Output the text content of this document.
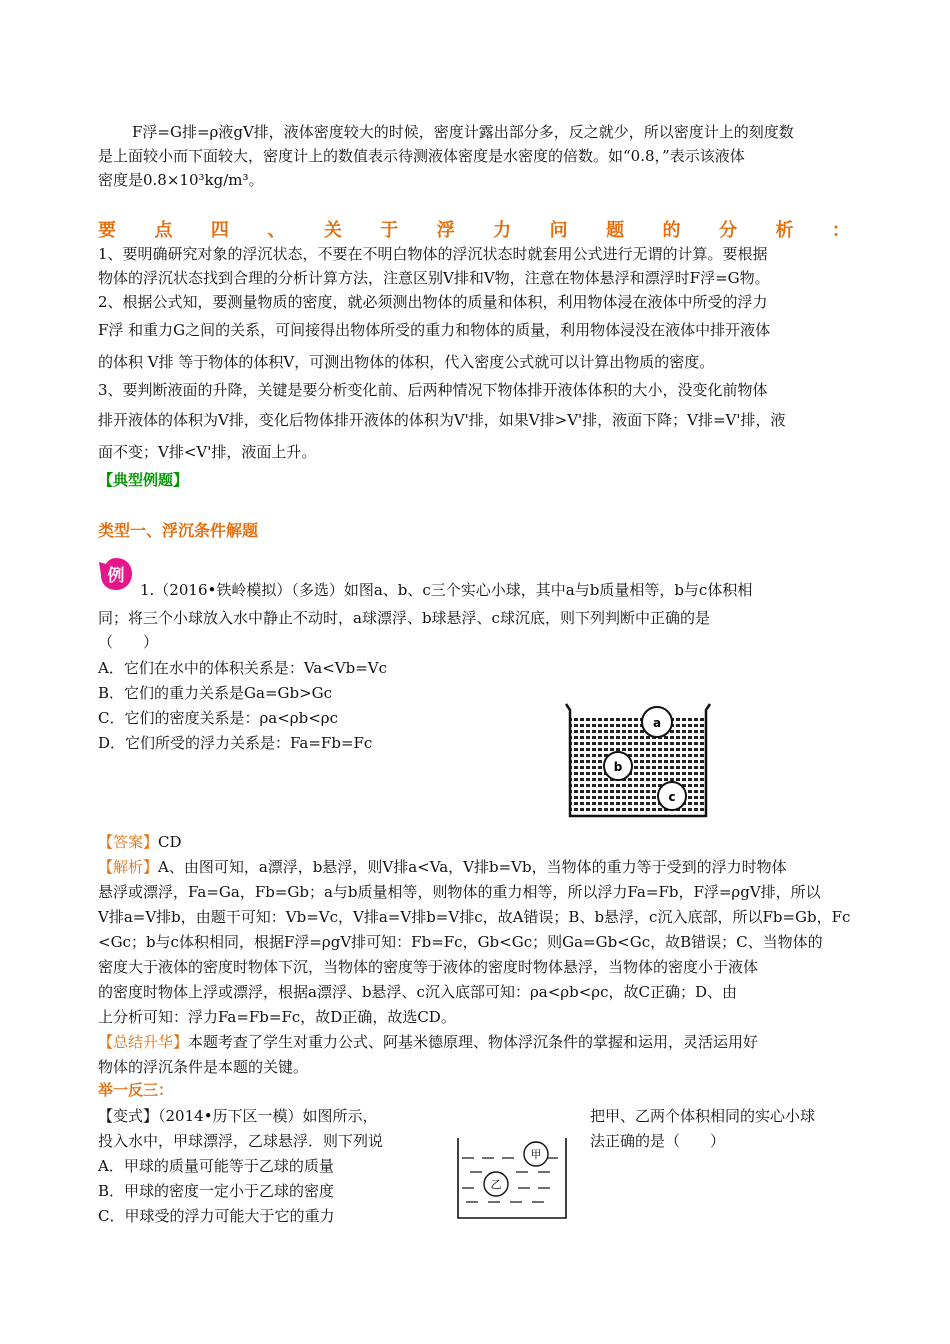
F浮=G排=ρ液gV排，液体密度较大的时候，密度计露出部分多，反之就少，所以密度计上的刻度数
是上面较小而下面较大，密度计上的数值表示待测液体密度是水密度的倍数。如“0.8，”表示该液体
密度是0.8×10³kg/m³。
要 点 四 、 关 于 浮 力 问 题 的 分 析 ：
1、要明确研究对象的浮沉状态，不要在不明白物体的浮沉状态时就套用公式进行无谓的计算。要根据
物体的浮沉状态找到合理的分析计算方法，注意区别V排和V物，注意在物体悬浮和漂浮时F浮=G物。
2、根据公式知，要测量物质的密度，就必须测出物体的质量和体积，利用物体浸在液体中所受的浮力
F浮 和重力G之间的关系，可间接得出物体所受的重力和物体的质量，利用物体浸没在液体中排开液体
的体积 V排 等于物体的体积V，可测出物体的体积，代入密度公式就可以计算出物质的密度。
3、要判断液面的升降，关键是要分析变化前、后两种情况下物体排开液体体积的大小，没变化前物体
排开液体的体积为V排，变化后物体排开液体的体积为V'排，如果V排>V'排，液面下降；V排=V'排，液
面不变；V排<V'排，液面上升。
【典型例题】
类型一、浮沉条件解题
例
1.（2016•铁岭模拟）（多选）如图a、b、c三个实心小球，其中a与b质量相等，b与c体积相
同；将三个小球放入水中静止不动时，a球漂浮、b球悬浮、c球沉底，则下列判断中正确的是
（　　）
A．它们在水中的体积关系是：Va<Vb=Vc
B．它们的重力关系是Ga=Gb>Gc
C．它们的密度关系是：ρa<ρb<ρc
D．它们所受的浮力关系是：Fa=Fb=Fc
a
b
c
【答案】CD
【解析】A、由图可知，a漂浮，b悬浮，则V排a<Va，V排b=Vb，当物体的重力等于受到的浮力时物体
悬浮或漂浮，Fa=Ga，Fb=Gb；a与b质量相等，则物体的重力相等，所以浮力Fa=Fb，F浮=ρgV排，所以
V排a=V排b，由题干可知：Vb=Vc，V排a=V排b=V排c，故A错误；B、b悬浮，c沉入底部，所以Fb=Gb，Fc
<Gc；b与c体积相同，根据F浮=ρgV排可知：Fb=Fc，Gb<Gc；则Ga=Gb<Gc，故B错误；C、当物体的
密度大于液体的密度时物体下沉，当物体的密度等于液体的密度时物体悬浮，当物体的密度小于液体
的密度时物体上浮或漂浮，根据a漂浮、b悬浮、c沉入底部可知：ρa<ρb<ρc，故C正确；D、由
上分析可知：浮力Fa=Fb=Fc，故D正确，故选CD。
【总结升华】本题考查了学生对重力公式、阿基米德原理、物体浮沉条件的掌握和运用，灵活运用好
物体的浮沉条件是本题的关键。
举一反三：
【变式】（2014•历下区一模）如图所示，	把甲、乙两个体积相同的实心小球
投入水中，甲球漂浮，乙球悬浮．则下列说	法正确的是（　　）
A．甲球的质量可能等于乙球的质量
B．甲球的密度一定小于乙球的密度
C．甲球受的浮力可能大于它的重力
甲
乙
